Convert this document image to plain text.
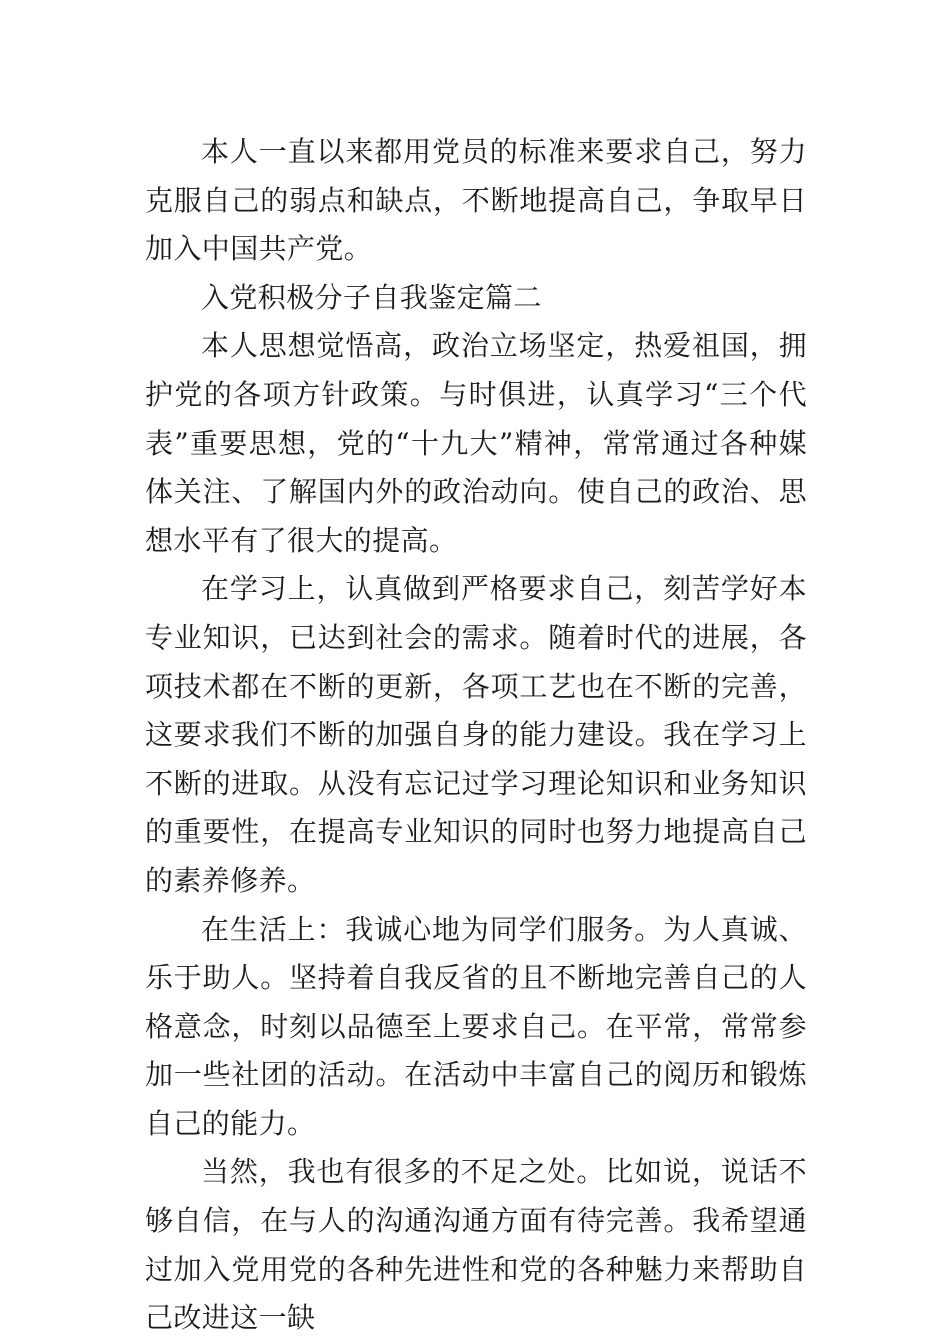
本人一直以来都用党员的标准来要求自己，努力克服自己的弱点和缺点，不断地提高自己，争取早日加入中国共产党。

入党积极分子自我鉴定篇二

本人思想觉悟高，政治立场坚定，热爱祖国，拥护党的各项方针政策。与时俱进，认真学习“三个代表”重要思想，党的“十九大”精神，常常通过各种媒体关注、了解国内外的政治动向。使自己的政治、思想水平有了很大的提高。

在学习上，认真做到严格要求自己，刻苦学好本专业知识，已达到社会的需求。随着时代的进展，各项技术都在不断的更新，各项工艺也在不断的完善，这要求我们不断的加强自身的能力建设。我在学习上不断的进取。从没有忘记过学习理论知识和业务知识的重要性，在提高专业知识的同时也努力地提高自己的素养修养。

在生活上：我诚心地为同学们服务。为人真诚、乐于助人。坚持着自我反省的且不断地完善自己的人格意念，时刻以品德至上要求自己。在平常，常常参加一些社团的活动。在活动中丰富自己的阅历和锻炼自己的能力。

当然，我也有很多的不足之处。比如说，说话不够自信，在与人的沟通沟通方面有待完善。我希望通过加入党用党的各种先进性和党的各种魅力来帮助自己改进这一缺
